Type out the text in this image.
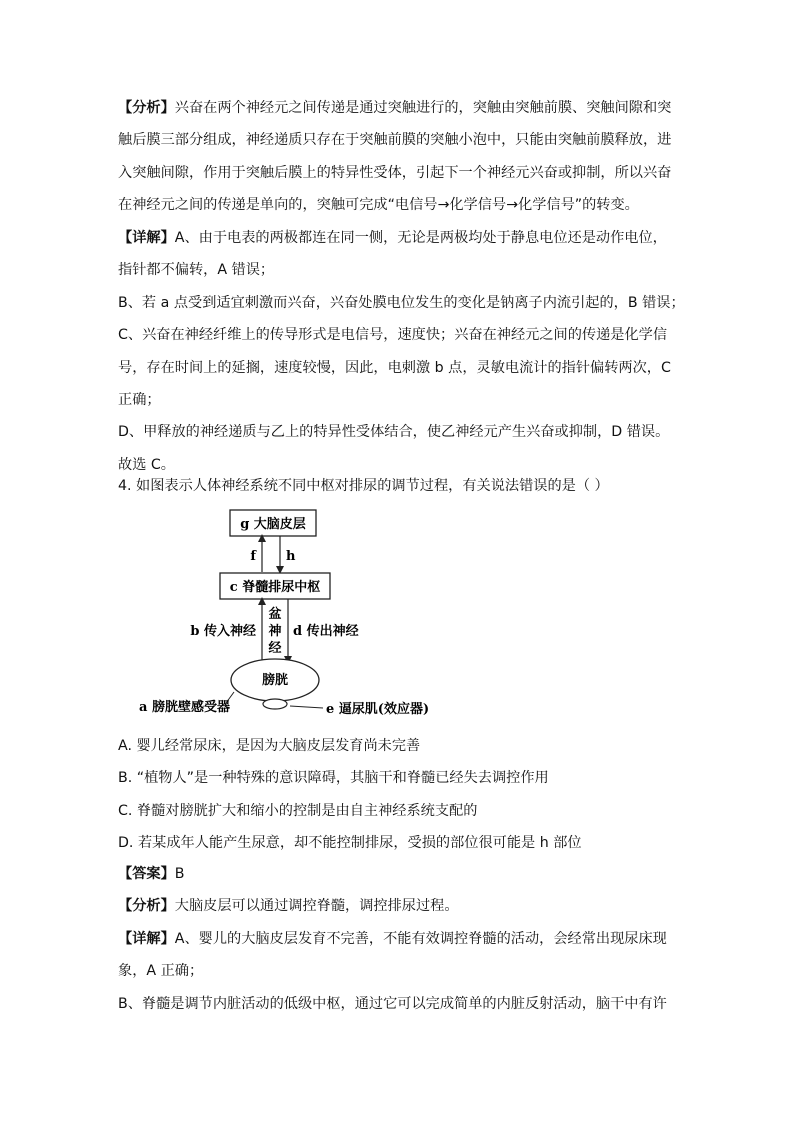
【分析】兴奋在两个神经元之间传递是通过突触进行的，突触由突触前膜、突触间隙和突
触后膜三部分组成，神经递质只存在于突触前膜的突触小泡中，只能由突触前膜释放，进
入突触间隙，作用于突触后膜上的特异性受体，引起下一个神经元兴奋或抑制，所以兴奋
在神经元之间的传递是单向的，突触可完成“电信号→化学信号→化学信号”的转变。
【详解】A、由于电表的两极都连在同一侧，无论是两极均处于静息电位还是动作电位，
指针都不偏转，A 错误；
B、若 a 点受到适宜刺激而兴奋，兴奋处膜电位发生的变化是钠离子内流引起的，B 错误；
C、兴奋在神经纤维上的传导形式是电信号，速度快；兴奋在神经元之间的传递是化学信
号，存在时间上的延搁，速度较慢，因此，电刺激 b 点，灵敏电流计的指针偏转两次，C
正确；
D、甲释放的神经递质与乙上的特异性受体结合，使乙神经元产生兴奋或抑制，D 错误。
故选 C。
4. 如图表示人体神经系统不同中枢对排尿的调节过程，有关说法错误的是（ ）
g 大脑皮层
f h
c 脊髓排尿中枢
盆
神
经
b 传入神经	d 传出神经
膀胱
a 膀胱壁感受器	e 逼尿肌(效应器)
A. 婴儿经常尿床，是因为大脑皮层发育尚未完善
B. “植物人”是一种特殊的意识障碍，其脑干和脊髓已经失去调控作用
C. 脊髓对膀胱扩大和缩小的控制是由自主神经系统支配的
D. 若某成年人能产生尿意，却不能控制排尿，受损的部位很可能是 h 部位
【答案】B
【分析】大脑皮层可以通过调控脊髓，调控排尿过程。
【详解】A、婴儿的大脑皮层发育不完善，不能有效调控脊髓的活动，会经常出现尿床现
象，A 正确；
B、脊髓是调节内脏活动的低级中枢，通过它可以完成简单的内脏反射活动，脑干中有许
